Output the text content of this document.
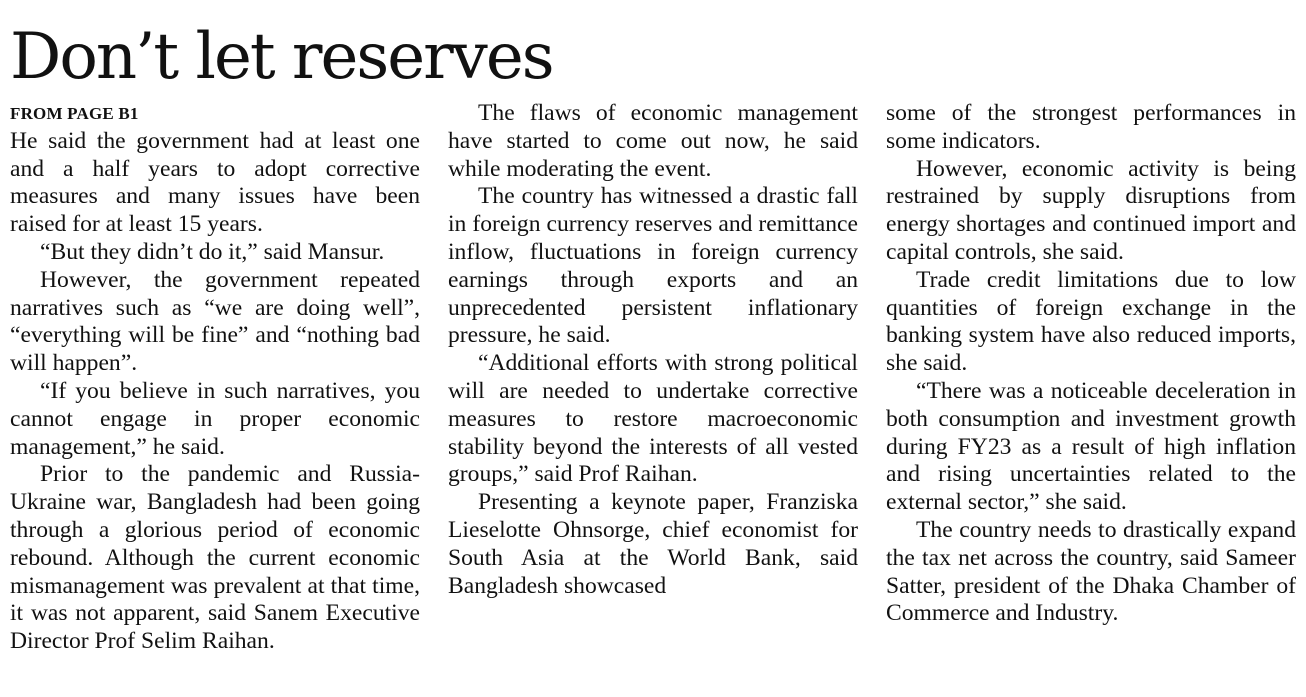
Don’t let reserves
FROM PAGE B1

He said the government had at least one and a half years to adopt corrective measures and many issues have been raised for at least 15 years.

“But they didn’t do it,” said Mansur.

However, the government repeated narratives such as “we are doing well”, “everything will be fine” and “nothing bad will happen”.

“If you believe in such narratives, you cannot engage in proper economic management,” he said.

Prior to the pandemic and Russia-Ukraine war, Bangladesh had been going through a glorious period of economic rebound. Although the current economic mismanagement was prevalent at that time, it was not apparent, said Sanem Executive Director Prof Selim Raihan.

The flaws of economic management have started to come out now, he said while moderating the event.

The country has witnessed a drastic fall in foreign currency reserves and remittance inflow, fluctuations in foreign currency earnings through exports and an unprecedented persistent inflationary pressure, he said.

“Additional efforts with strong political will are needed to undertake corrective measures to restore macroeconomic stability beyond the interests of all vested groups,” said Prof Raihan.

Presenting a keynote paper, Franziska Lieselotte Ohnsorge, chief economist for South Asia at the World Bank, said Bangladesh showcased

some of the strongest performances in some indicators.

However, economic activity is being restrained by supply disruptions from energy shortages and continued import and capital controls, she said.

Trade credit limitations due to low quantities of foreign exchange in the banking system have also reduced imports, she said.

“There was a noticeable deceleration in both consumption and investment growth during FY23 as a result of high inflation and rising uncertainties related to the external sector,” she said.

The country needs to drastically expand the tax net across the country, said Sameer Satter, president of the Dhaka Chamber of Commerce and Industry.
